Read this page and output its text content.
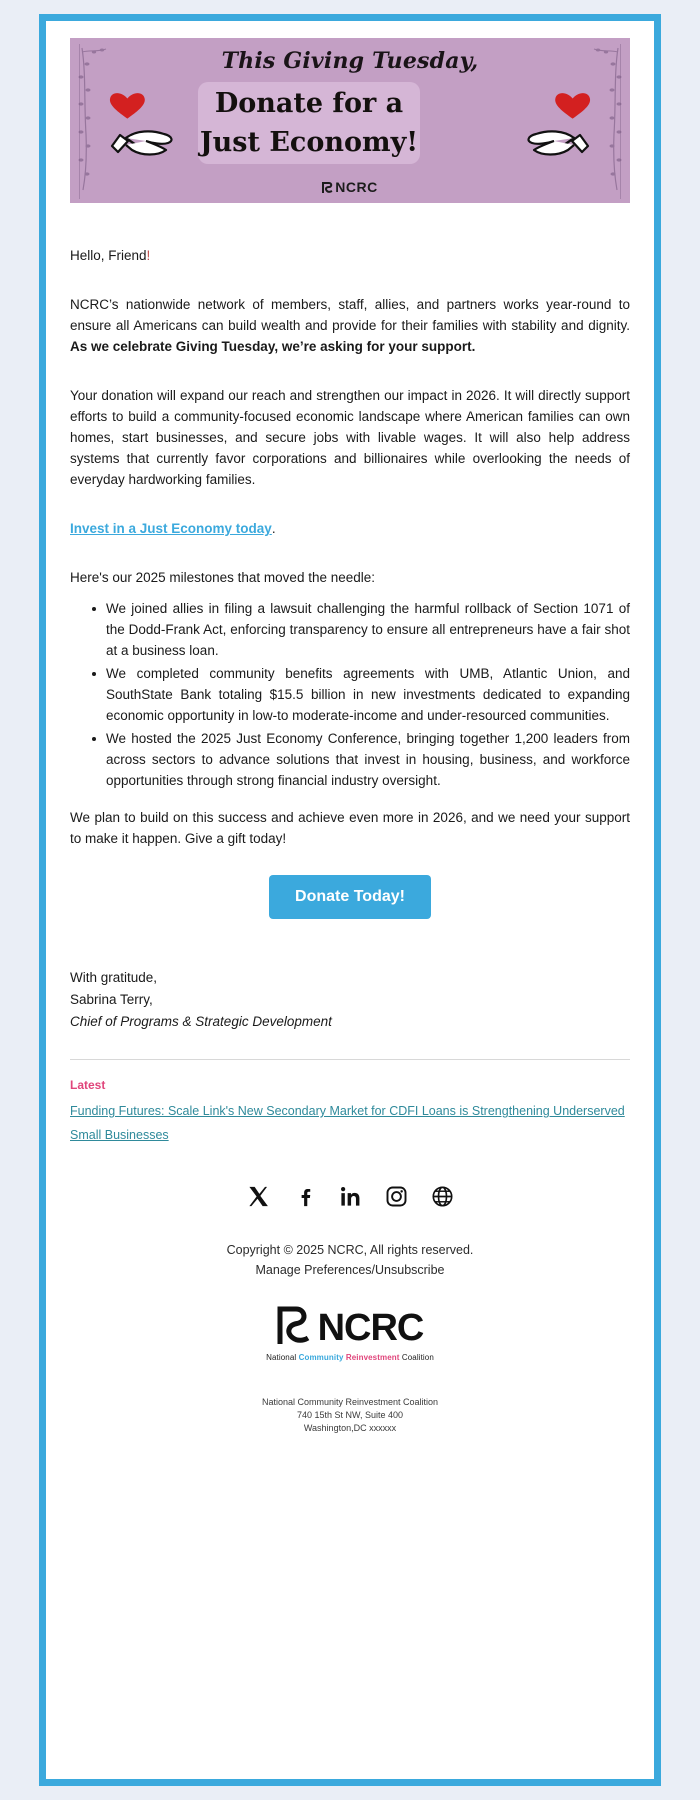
This Giving Tuesday,
Donate for a
Just Economy!
NCRC

Hello, Friend!

NCRC’s nationwide network of members, staff, allies, and partners works year-round to ensure all Americans can build wealth and provide for their families with stability and dignity. As we celebrate Giving Tuesday, we’re asking for your support.

Your donation will expand our reach and strengthen our impact in 2026. It will directly support efforts to build a community-focused economic landscape where American families can own homes, start businesses, and secure jobs with livable wages. It will also help address systems that currently favor corporations and billionaires while overlooking the needs of everyday hardworking families.

Invest in a Just Economy today.

Here's our 2025 milestones that moved the needle:

We joined allies in filing a lawsuit challenging the harmful rollback of Section 1071 of the Dodd-Frank Act, enforcing transparency to ensure all entrepreneurs have a fair shot at a business loan.
We completed community benefits agreements with UMB, Atlantic Union, and SouthState Bank totaling $15.5 billion in new investments dedicated to expanding economic opportunity in low-to moderate-income and under-resourced communities.
We hosted the 2025 Just Economy Conference, bringing together 1,200 leaders from across sectors to advance solutions that invest in housing, business, and workforce opportunities through strong financial industry oversight.

We plan to build on this success and achieve even more in 2026, and we need your support to make it happen. Give a gift today!

Donate Today!
With gratitude,
Sabrina Terry,
Chief of Programs & Strategic Development
Latest
Funding Futures: Scale Link's New Secondary Market for CDFI Loans is Strengthening Underserved Small Businesses
Copyright © 2025 NCRC, All rights reserved.
Manage Preferences/Unsubscribe
NCRC
National Community Reinvestment Coalition
National Community Reinvestment Coalition
740 15th St NW, Suite 400
Washington,DC xxxxxx
